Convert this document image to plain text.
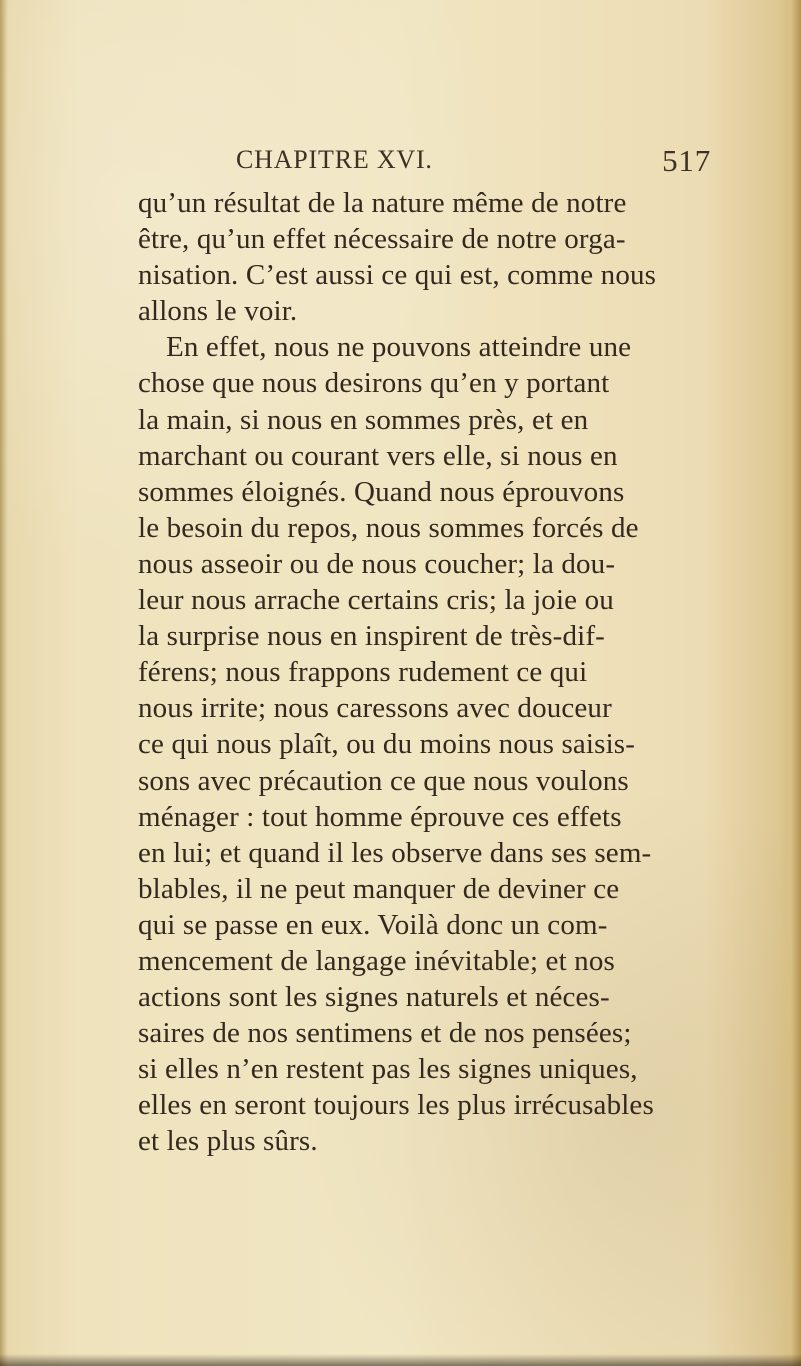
CHAPITRE XVI.	517
qu’un résultat de la nature même de notre
être, qu’un effet nécessaire de notre orga-
nisation. C’est aussi ce qui est, comme nous
allons le voir.
En effet, nous ne pouvons atteindre une
chose que nous desirons qu’en y portant
la main, si nous en sommes près, et en
marchant ou courant vers elle, si nous en
sommes éloignés. Quand nous éprouvons
le besoin du repos, nous sommes forcés de
nous asseoir ou de nous coucher; la dou-
leur nous arrache certains cris; la joie ou
la surprise nous en inspirent de très-dif-
férens; nous frappons rudement ce qui
nous irrite; nous caressons avec douceur
ce qui nous plaît, ou du moins nous saisis-
sons avec précaution ce que nous voulons
ménager : tout homme éprouve ces effets
en lui; et quand il les observe dans ses sem-
blables, il ne peut manquer de deviner ce
qui se passe en eux. Voilà donc un com-
mencement de langage inévitable; et nos
actions sont les signes naturels et néces-
saires de nos sentimens et de nos pensées;
si elles n’en restent pas les signes uniques,
elles en seront toujours les plus irrécusables
et les plus sûrs.
